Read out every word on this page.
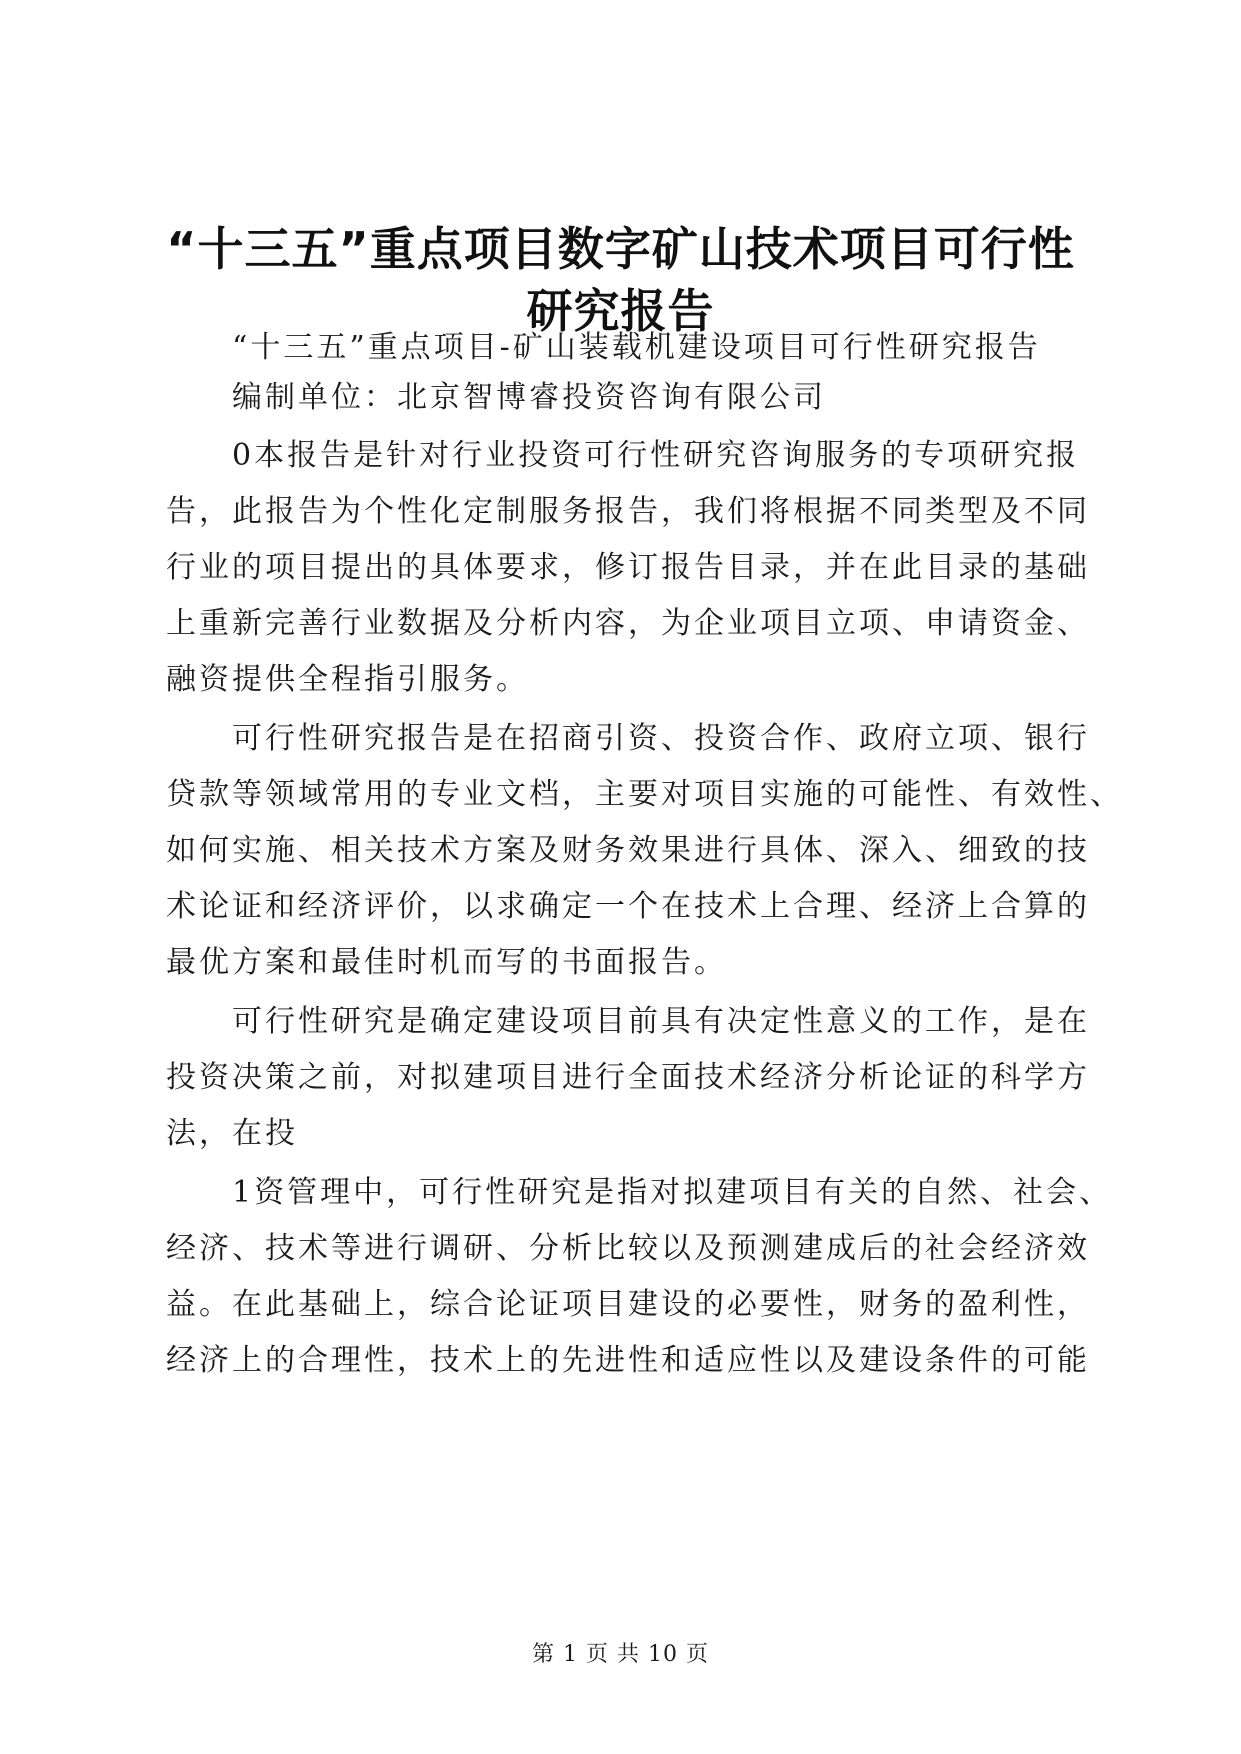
“十三五”重点项目数字矿山技术项目可行性
研究报告
“十三五”重点项目-矿山装载机建设项目可行性研究报告
编制单位：北京智博睿投资咨询有限公司
0本报告是针对行业投资可行性研究咨询服务的专项研究报
告，此报告为个性化定制服务报告，我们将根据不同类型及不同
行业的项目提出的具体要求，修订报告目录，并在此目录的基础
上重新完善行业数据及分析内容，为企业项目立项、申请资金、
融资提供全程指引服务。
可行性研究报告是在招商引资、投资合作、政府立项、银行
贷款等领域常用的专业文档，主要对项目实施的可能性、有效性、
如何实施、相关技术方案及财务效果进行具体、深入、细致的技
术论证和经济评价，以求确定一个在技术上合理、经济上合算的
最优方案和最佳时机而写的书面报告。
可行性研究是确定建设项目前具有决定性意义的工作，是在
投资决策之前，对拟建项目进行全面技术经济分析论证的科学方
法，在投
1资管理中，可行性研究是指对拟建项目有关的自然、社会、
经济、技术等进行调研、分析比较以及预测建成后的社会经济效
益。在此基础上，综合论证项目建设的必要性，财务的盈利性，
经济上的合理性，技术上的先进性和适应性以及建设条件的可能
第 1 页 共 10 页
